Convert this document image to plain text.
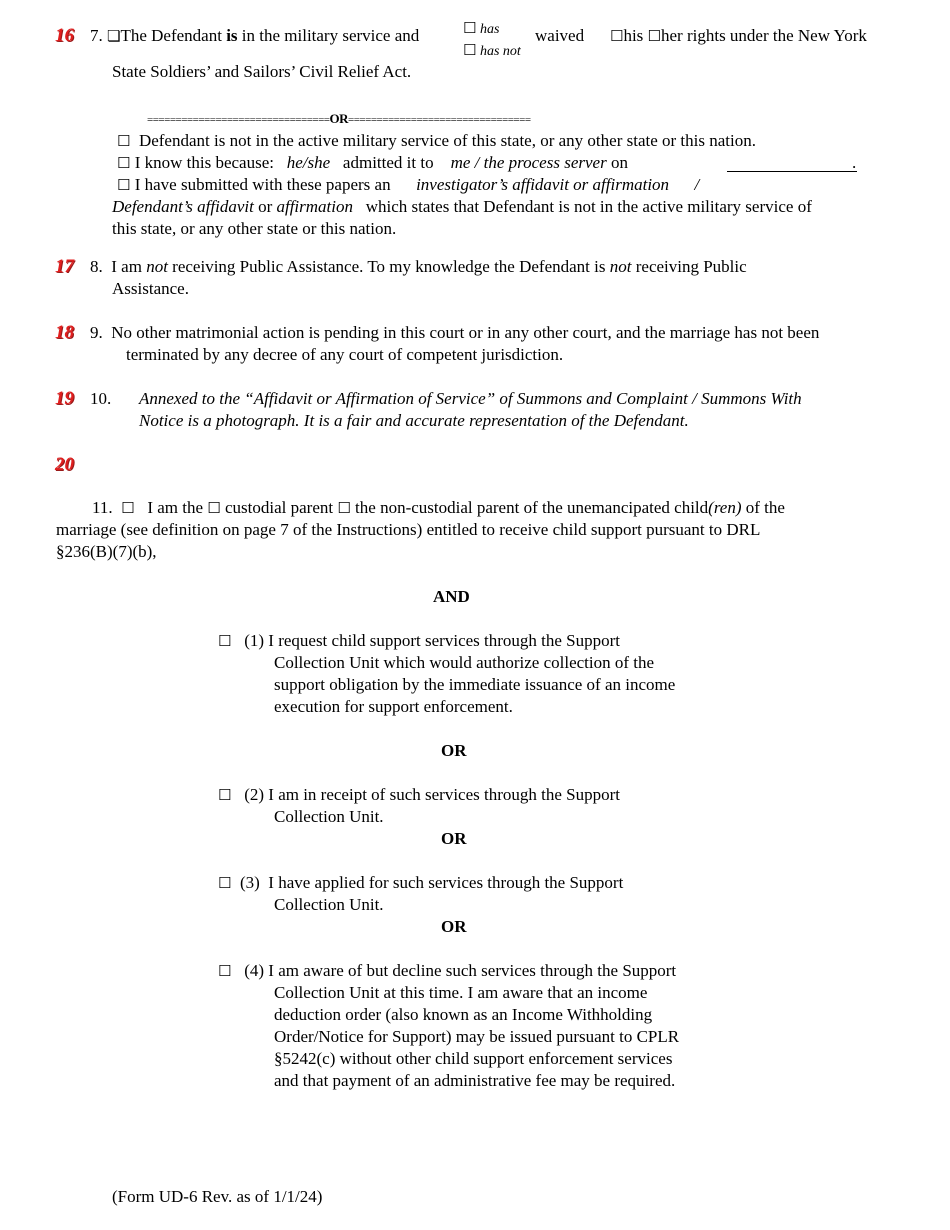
16
17
18
19
20
7. ❏The Defendant is in the military service and	☐ has
☐ has not
waived ☐his ☐her rights under the New York
State Soldiers’ and Sailors’ Civil Relief Act.
================================OR================================
☐ Defendant is not in the active military service of this state, or any other state or this nation.
☐ I know this because: he/she admitted it to me / the process server on	.
☐ I have submitted with these papers an investigator’s affidavit or affirmation /
Defendant’s affidavit or affirmation which states that Defendant is not in the active military service of
this state, or any other state or this nation.
8. I am not receiving Public Assistance. To my knowledge the Defendant is not receiving Public
Assistance.
9. No other matrimonial action is pending in this court or in any other court, and the marriage has not been
terminated by any decree of any court of competent jurisdiction.
10. Annexed to the “Affidavit or Affirmation of Service” of Summons and Complaint / Summons With
Notice is a photograph. It is a fair and accurate representation of the Defendant.
11. ☐ I am the ☐ custodial parent ☐ the non-custodial parent of the unemancipated child(ren) of the
marriage (see definition on page 7 of the Instructions) entitled to receive child support pursuant to DRL
§236(B)(7)(b),
AND
☐ (1) I request child support services through the Support
Collection Unit which would authorize collection of the
support obligation by the immediate issuance of an income
execution for support enforcement.
OR
☐ (2) I am in receipt of such services through the Support
Collection Unit.
OR
☐ (3) I have applied for such services through the Support
Collection Unit.
OR
☐ (4) I am aware of but decline such services through the Support
Collection Unit at this time. I am aware that an income
deduction order (also known as an Income Withholding
Order/Notice for Support) may be issued pursuant to CPLR
§5242(c) without other child support enforcement services
and that payment of an administrative fee may be required.
(Form UD-6 Rev. as of 1/1/24)
